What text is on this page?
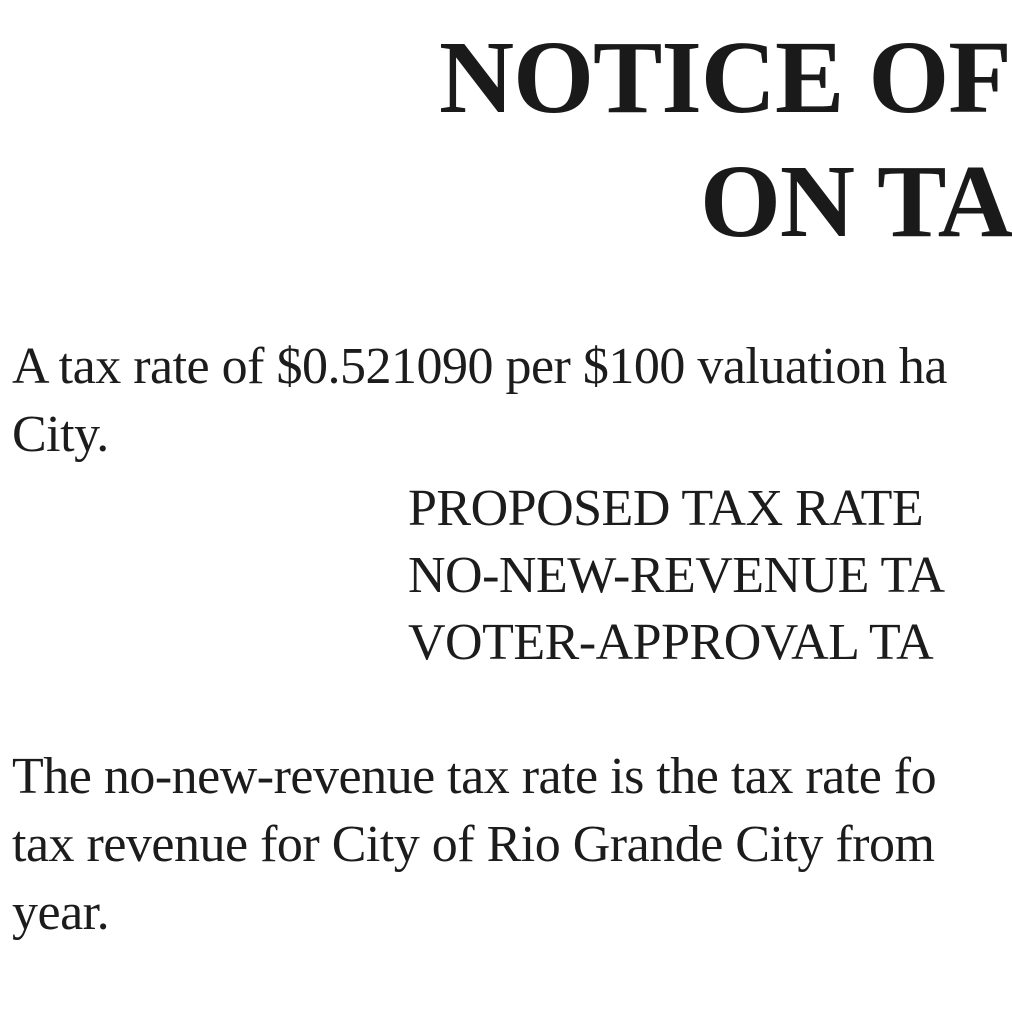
NOTICE OF
ON TA
A tax rate of $0.521090 per $100 valuation ha
City.
PROPOSED TAX RATE
NO-NEW-REVENUE TA
VOTER-APPROVAL TA
The no-new-revenue tax rate is the tax rate fo
tax revenue for City of Rio Grande City from
year.
